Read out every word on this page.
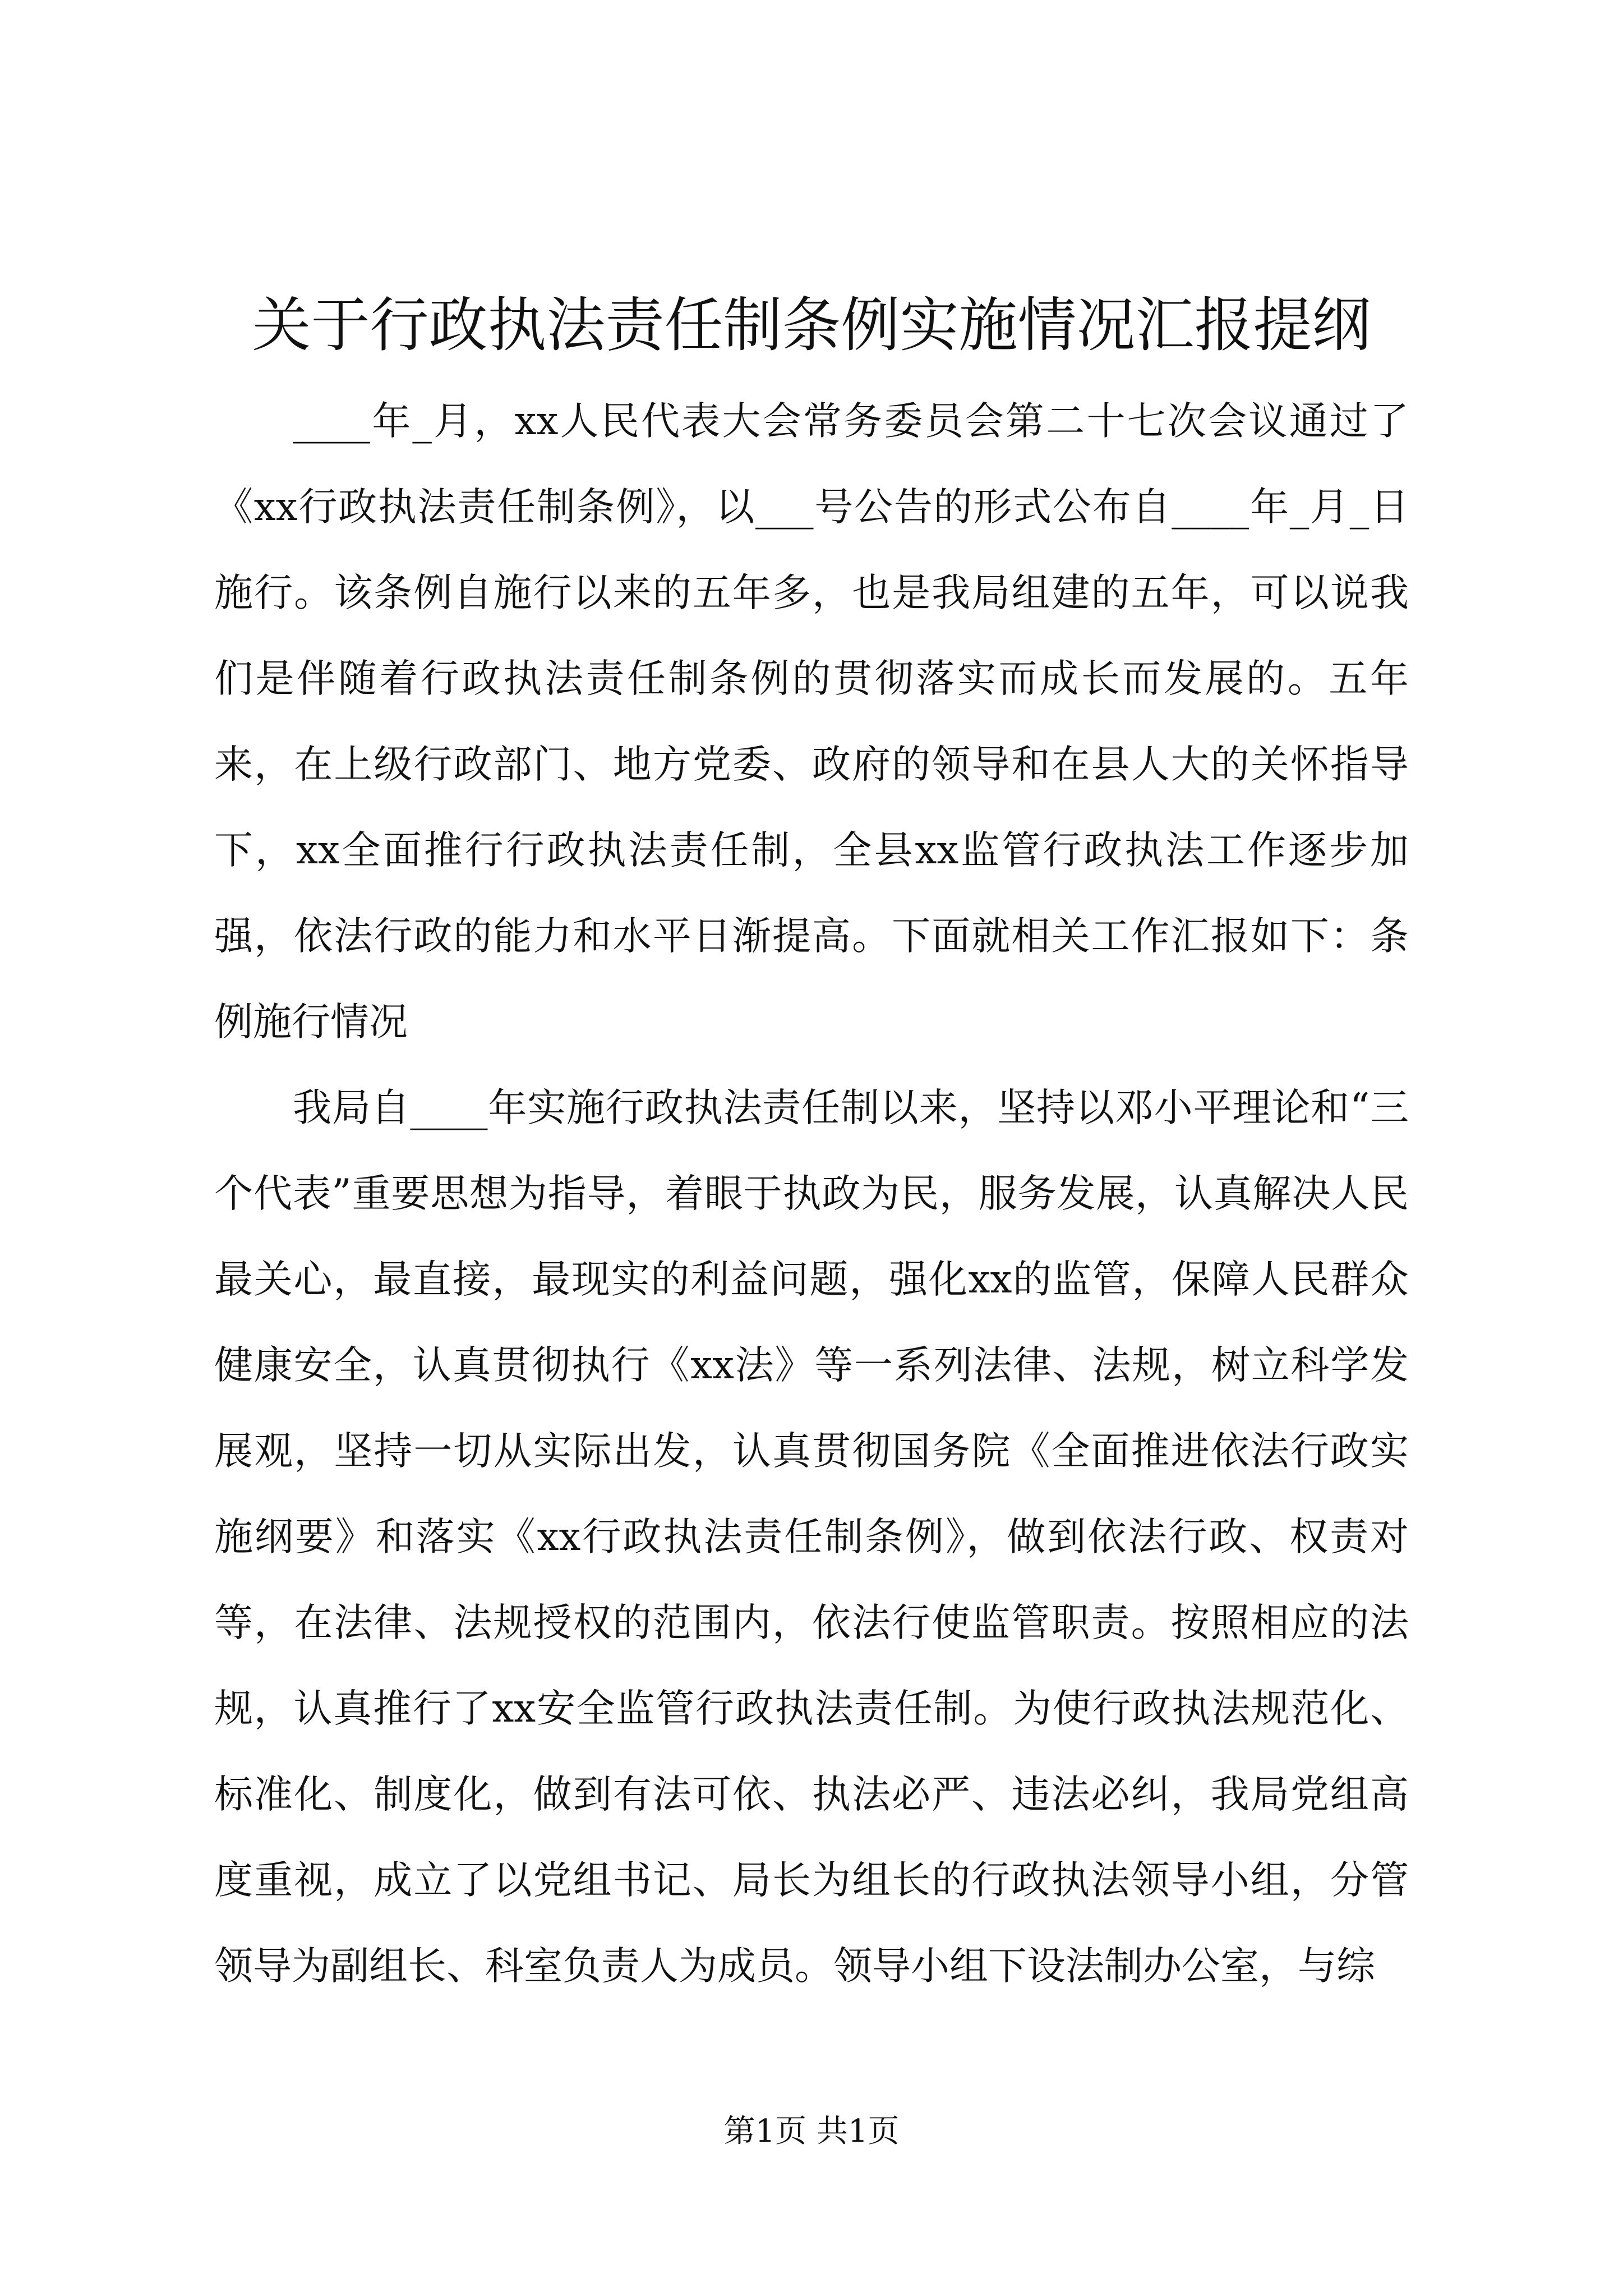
关于行政执法责任制条例实施情况汇报提纲

____年_月，xx人民代表大会常务委员会第二十七次会议通过了《xx行政执法责任制条例》，以___号公告的形式公布自____年_月_日施行。该条例自施行以来的五年多，也是我局组建的五年，可以说我们是伴随着行政执法责任制条例的贯彻落实而成长而发展的。五年来，在上级行政部门、地方党委、政府的领导和在县人大的关怀指导下，xx全面推行行政执法责任制，全县xx监管行政执法工作逐步加强，依法行政的能力和水平日渐提高。下面就相关工作汇报如下：条例施行情况

我局自____年实施行政执法责任制以来，坚持以邓小平理论和“三个代表”重要思想为指导，着眼于执政为民，服务发展，认真解决人民最关心，最直接，最现实的利益问题，强化xx的监管，保障人民群众健康安全，认真贯彻执行《xx法》等一系列法律、法规，树立科学发展观，坚持一切从实际出发，认真贯彻国务院《全面推进依法行政实施纲要》和落实《xx行政执法责任制条例》，做到依法行政、权责对等，在法律、法规授权的范围内，依法行使监管职责。按照相应的法规，认真推行了xx安全监管行政执法责任制。为使行政执法规范化、标准化、制度化，做到有法可依、执法必严、违法必纠，我局党组高度重视，成立了以党组书记、局长为组长的行政执法领导小组，分管领导为副组长、科室负责人为成员。领导小组下设法制办公室，与综

第1页 共1页
